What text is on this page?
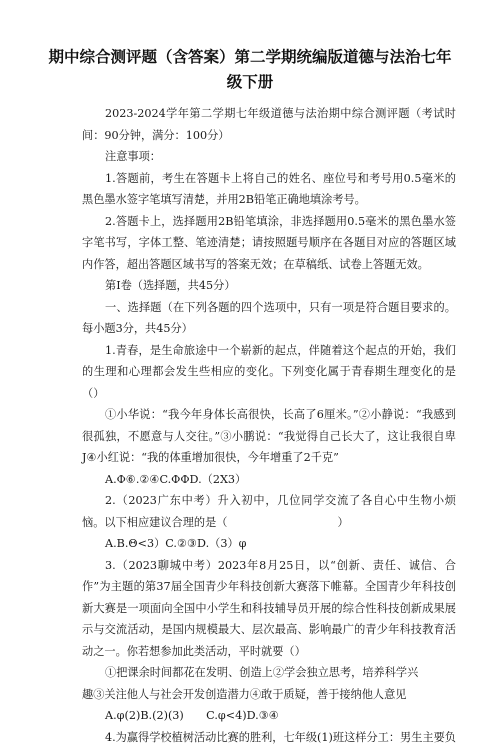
期中综合测评题（含答案）第二学期统编版道德与法治七年级下册

2023-2024学年第二学期七年级道德与法治期中综合测评题（考试时间：90分钟，满分：100分）

注意事项：

1.答题前，考生在答题卡上将自己的姓名、座位号和考号用0.5毫米的黑色墨水签字笔填写清楚，并用2B铅笔正确地填涂考号。

2.答题卡上，选择题用2B铅笔填涂，非选择题用0.5毫米的黑色墨水签字笔书写，字体工整、笔迹清楚；请按照题号顺序在各题目对应的答题区域内作答，超出答题区域书写的答案无效；在草稿纸、试卷上答题无效。

第Ⅰ卷（选择题，共45分）

一、选择题（在下列各题的四个选项中，只有一项是符合题目要求的。每小题3分，共45分）

1.青春，是生命旅途中一个崭新的起点，伴随着这个起点的开始，我们的生理和心理都会发生些相应的变化。下列变化属于青春期生理变化的是（）

①小华说：“我今年身体长高很快，长高了6厘米。”②小静说：“我感到很孤独，不愿意与人交往。”③小鹏说：“我觉得自己长大了，这让我很自卑J④小红说：“我的体重增加很快，今年增重了2千克”

A.Φ⑥.②④C.ΦΦD.（2X3）

2.（2023广东中考）升入初中，几位同学交流了各自心中生物小烦恼。以下相应建议合理的是（	）

A.B.Θ<3）C.②③D.（3）φ

3.（2023聊城中考）2023年8月25日，以“创新、责任、诚信、合作”为主题的第37届全国青少年科技创新大赛落下帷幕。全国青少年科技创新大赛是一项面向全国中小学生和科技辅导员开展的综合性科技创新成果展示与交流活动，是国内规模最大、层次最高、影响最广的青少年科技教育活动之一。你若想参加此类活动，平时就要（）

①把课余时间都花在发明、创造上②学会独立思考，培养科学兴

趣③关注他人与社会开发创造潜力④敢于质疑，善于接纳他人意见

A.φ(2)B.(2)(3)　　C.φ<4)D.③④

4.为赢得学校植树活动比赛的胜利，七年级(1)班这样分工：男生主要负
